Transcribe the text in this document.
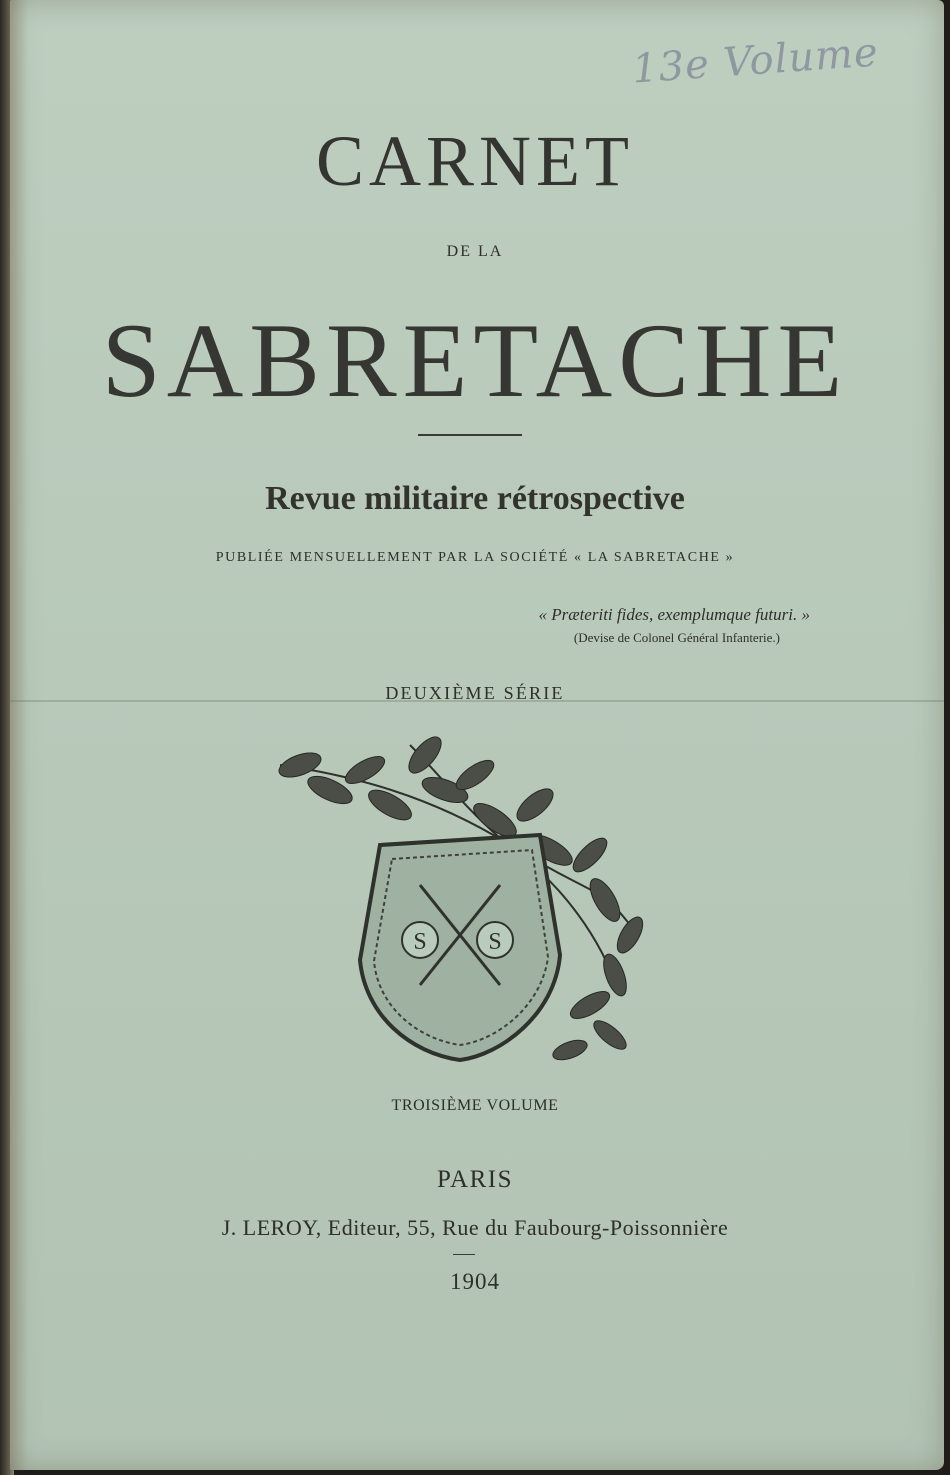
13e Volume
CARNET
DE LA
SABRETACHE
Revue militaire rétrospective
PUBLIÉE MENSUELLEMENT PAR LA SOCIÉTÉ « LA SABRETACHE »
« Præteriti fides, exemplumque futuri. »
(Devise de Colonel Général Infanterie.)
DEUXIÈME SÉRIE
S	S
TROISIÈME VOLUME
PARIS
J. LEROY, Editeur, 55, Rue du Faubourg-Poissonnière
1904
